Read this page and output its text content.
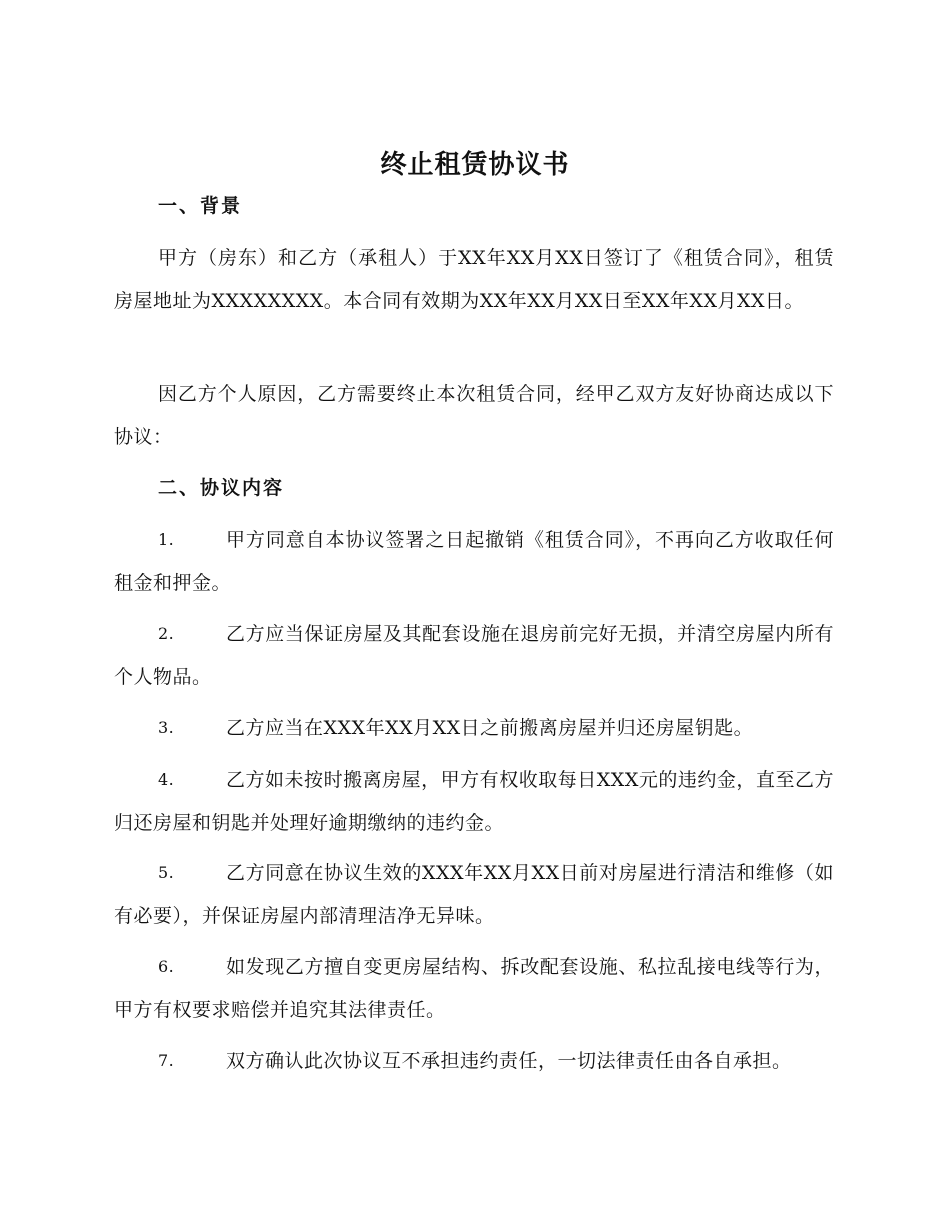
终止租赁协议书
一、背景
甲方（房东）和乙方（承租人）于XX年XX月XX日签订了《租赁合同》，租赁房屋地址为XXXXXXXX。本合同有效期为XX年XX月XX日至XX年XX月XX日。
因乙方个人原因，乙方需要终止本次租赁合同，经甲乙双方友好协商达成以下协议：
二、协议内容
1.	甲方同意自本协议签署之日起撤销《租赁合同》，不再向乙方收取任何租金和押金。
2.	乙方应当保证房屋及其配套设施在退房前完好无损，并清空房屋内所有个人物品。
3.	乙方应当在XXX年XX月XX日之前搬离房屋并归还房屋钥匙。
4.	乙方如未按时搬离房屋，甲方有权收取每日XXX元的违约金，直至乙方归还房屋和钥匙并处理好逾期缴纳的违约金。
5.	乙方同意在协议生效的XXX年XX月XX日前对房屋进行清洁和维修（如有必要），并保证房屋内部清理洁净无异味。
6.	如发现乙方擅自变更房屋结构、拆改配套设施、私拉乱接电线等行为，甲方有权要求赔偿并追究其法律责任。
7.	双方确认此次协议互不承担违约责任，一切法律责任由各自承担。
